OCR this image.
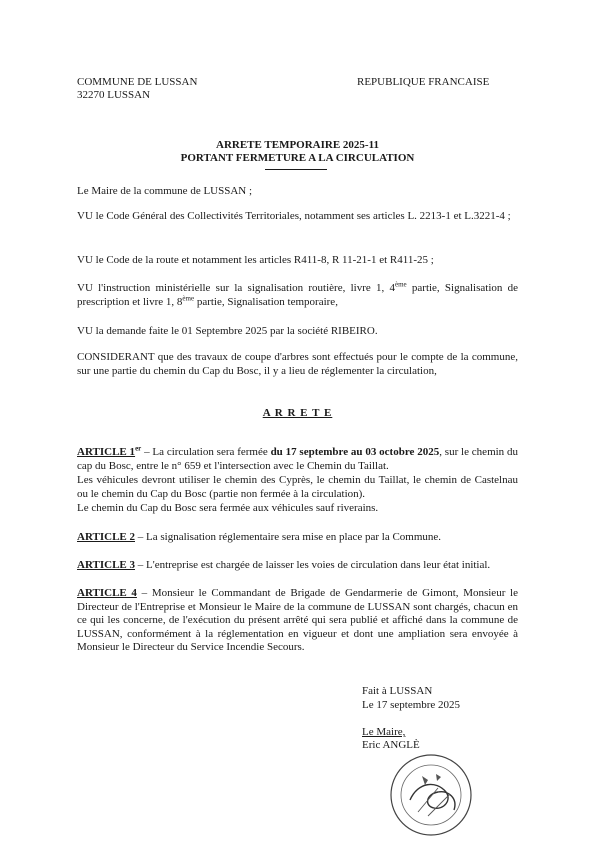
COMMUNE DE LUSSAN
32270 LUSSAN
REPUBLIQUE FRANCAISE
ARRETE TEMPORAIRE 2025-11
PORTANT FERMETURE A LA CIRCULATION
Le Maire de la commune de LUSSAN ;
VU le Code Général des Collectivités Territoriales, notamment ses articles L. 2213-1 et L.3221-4 ;
VU le Code de la route et notamment les articles R411-8, R 11-21-1 et R411-25 ;
VU l'instruction ministérielle sur la signalisation routière, livre 1, 4ème partie, Signalisation de prescription et livre 1, 8ème partie, Signalisation temporaire,
VU la demande faite le 01 Septembre 2025 par la société RIBEIRO.
CONSIDERANT que des travaux de coupe d'arbres sont effectués pour le compte de la commune, sur une partie du chemin du Cap du Bosc, il y a lieu de réglementer la circulation,
A R R E T E
ARTICLE 1er – La circulation sera fermée du 17 septembre au 03 octobre 2025, sur le chemin du cap du Bosc, entre le n° 659 et l'intersection avec le Chemin du Taillat.
Les véhicules devront utiliser le chemin des Cyprès, le chemin du Taillat, le chemin de Castelnau ou le chemin du Cap du Bosc (partie non fermée à la circulation).
Le chemin du Cap du Bosc sera fermée aux véhicules sauf riverains.
ARTICLE 2 – La signalisation réglementaire sera mise en place par la Commune.
ARTICLE 3 – L'entreprise est chargée de laisser les voies de circulation dans leur état initial.
ARTICLE 4 – Monsieur le Commandant de Brigade de Gendarmerie de Gimont, Monsieur le Directeur de l'Entreprise et Monsieur le Maire de la commune de LUSSAN sont chargés, chacun en ce qui les concerne, de l'exécution du présent arrêté qui sera publié et affiché dans la commune de LUSSAN, conformément à la réglementation en vigueur et dont une ampliation sera envoyée à Monsieur le Directeur du Service Incendie Secours.
Fait à LUSSAN
Le 17 septembre 2025
Le Maire,
Eric ANGLÈ
